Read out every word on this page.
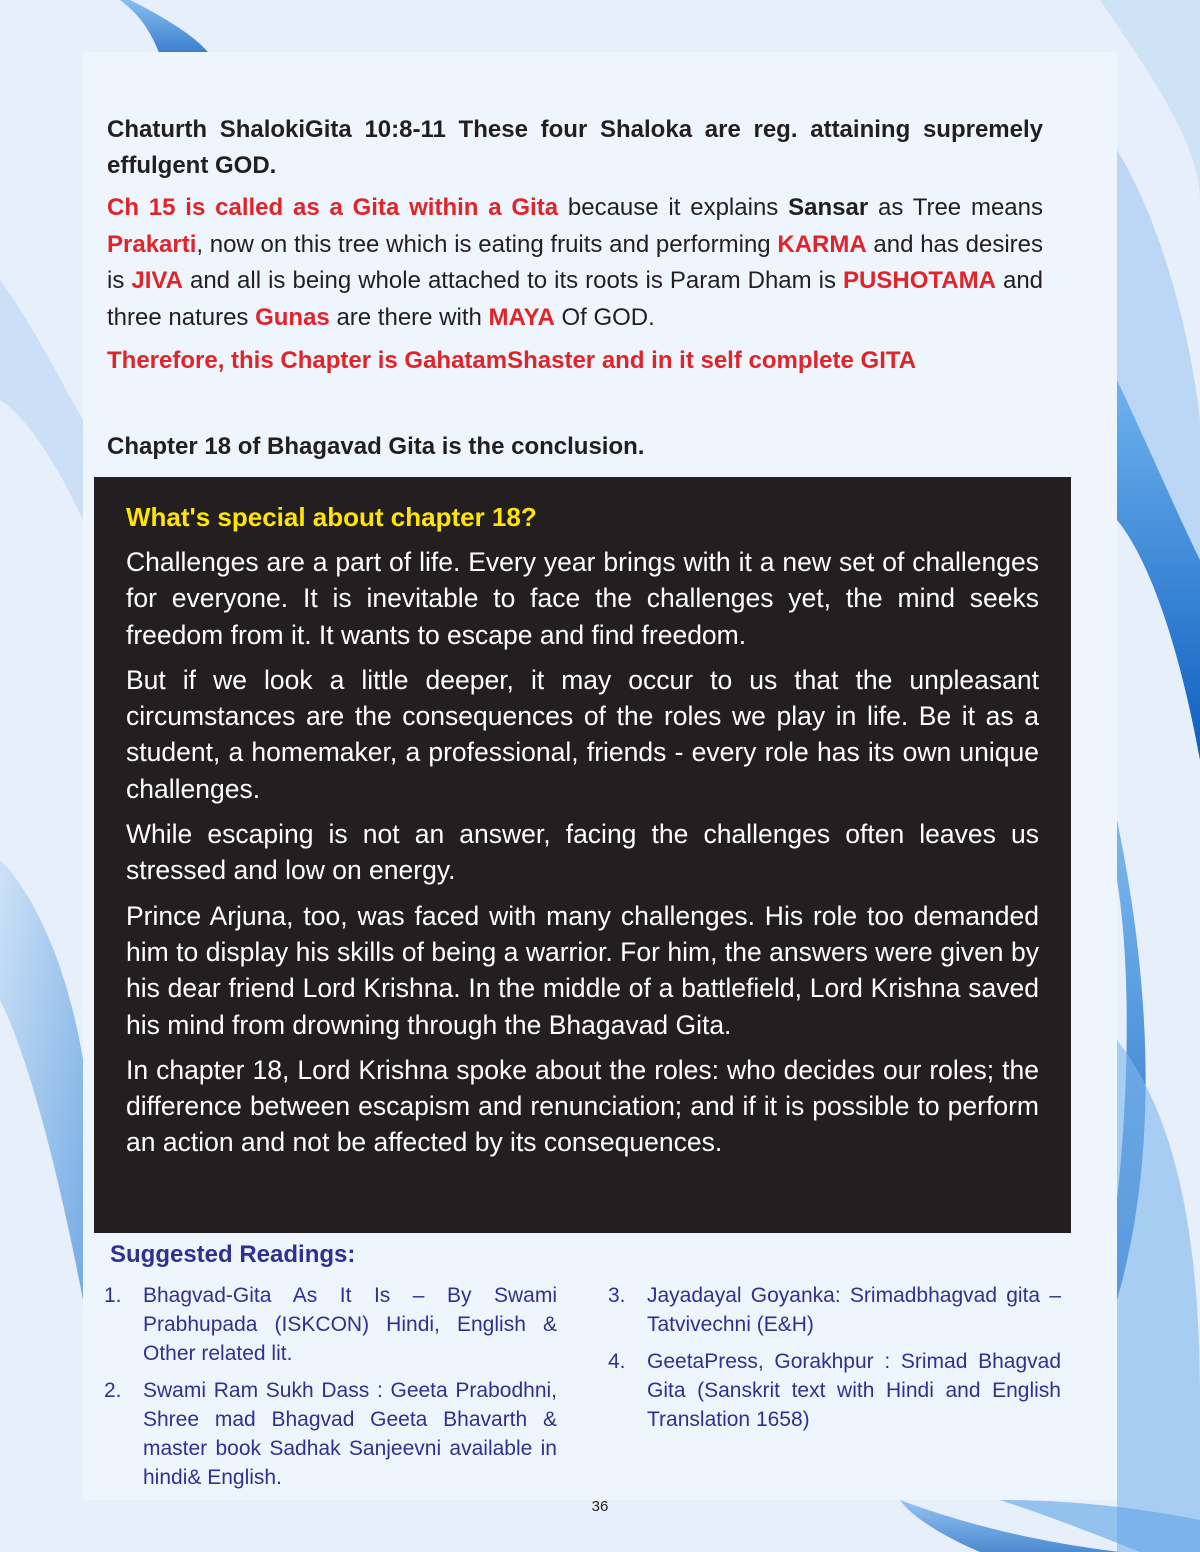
Chaturth ShalokiGita 10:8-11 These four Shaloka are reg. attaining supremely effulgent GOD.
Ch 15 is called as a Gita within a Gita because it explains Sansar as Tree means Prakarti, now on this tree which is eating fruits and performing KARMA and has desires is JIVA and all is being whole attached to its roots is Param Dham is PUSHOTAMA and three natures Gunas are there with MAYA Of GOD.
Therefore, this Chapter is GahatamShaster and in it self complete GITA
Chapter 18 of Bhagavad Gita is the conclusion.
What's special about chapter 18?

Challenges are a part of life. Every year brings with it a new set of challenges for everyone. It is inevitable to face the challenges yet, the mind seeks freedom from it. It wants to escape and find freedom.

But if we look a little deeper, it may occur to us that the unpleasant circumstances are the consequences of the roles we play in life. Be it as a student, a homemaker, a professional, friends - every role has its own unique challenges.

While escaping is not an answer, facing the challenges often leaves us stressed and low on energy.

Prince Arjuna, too, was faced with many challenges. His role too demanded him to display his skills of being a warrior. For him, the answers were given by his dear friend Lord Krishna. In the middle of a battlefield, Lord Krishna saved his mind from drowning through the Bhagavad Gita.

In chapter 18, Lord Krishna spoke about the roles: who decides our roles; the difference between escapism and renunciation; and if it is possible to perform an action and not be affected by its consequences.

Suggested Readings:
1. Bhagvad-Gita As It Is – By Swami Prabhupada (ISKCON) Hindi, English & Other related lit.
2. Swami Ram Sukh Dass : Geeta Prabodhni, Shree mad Bhagvad Geeta Bhavarth & master book Sadhak Sanjeevni available in hindi& English.
3. Jayadayal Goyanka: Srimadbhagvad gita – Tatvivechni (E&H)
4. GeetaPress, Gorakhpur : Srimad Bhagvad Gita (Sanskrit text with Hindi and English Translation 1658)
36
